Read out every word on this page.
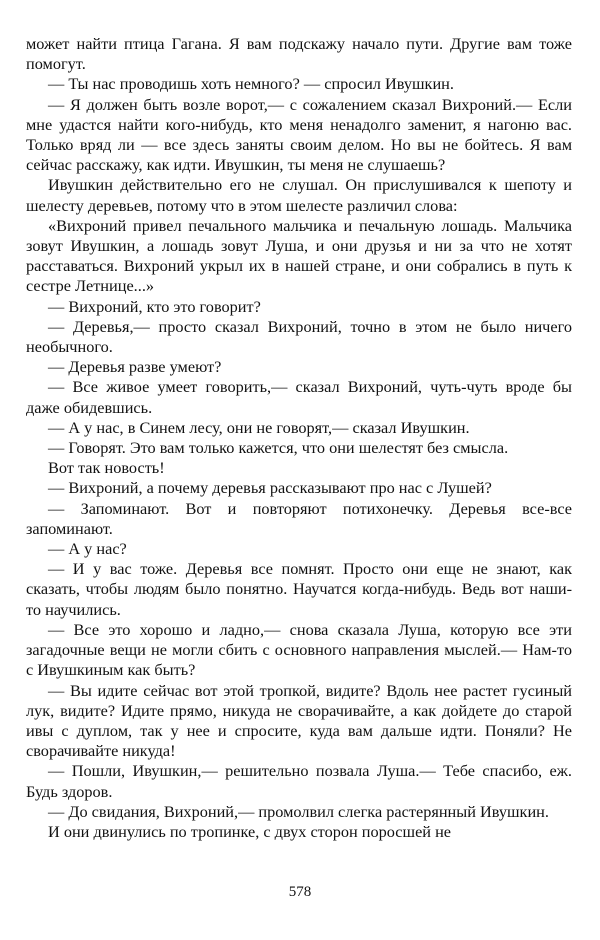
может найти птица Гагана. Я вам подскажу начало пути. Другие вам тоже помогут.

— Ты нас проводишь хоть немного? — спросил Ивушкин.

— Я должен быть возле ворот,— с сожалением сказал Вихроний.— Если мне удастся найти кого-нибудь, кто меня ненадолго заменит, я нагоню вас. Только вряд ли — все здесь заняты своим делом. Но вы не бойтесь. Я вам сейчас расскажу, как идти. Ивушкин, ты меня не слушаешь?

Ивушкин действительно его не слушал. Он прислушивался к шепоту и шелесту деревьев, потому что в этом шелесте различил слова:

«Вихроний привел печального мальчика и печальную лошадь. Мальчика зовут Ивушкин, а лошадь зовут Луша, и они друзья и ни за что не хотят расставаться. Вихроний укрыл их в нашей стране, и они собрались в путь к сестре Летнице...»

— Вихроний, кто это говорит?

— Деревья,— просто сказал Вихроний, точно в этом не было ничего необычного.

— Деревья разве умеют?

— Все живое умеет говорить,— сказал Вихроний, чуть-чуть вроде бы даже обидевшись.

— А у нас, в Синем лесу, они не говорят,— сказал Ивушкин.

— Говорят. Это вам только кажется, что они шелестят без смысла.

Вот так новость!

— Вихроний, а почему деревья рассказывают про нас с Лушей?

— Запоминают. Вот и повторяют потихонечку. Деревья все-все запоминают.

— А у нас?

— И у вас тоже. Деревья все помнят. Просто они еще не знают, как сказать, чтобы людям было понятно. Научатся когда-нибудь. Ведь вот наши-то научились.

— Все это хорошо и ладно,— снова сказала Луша, которую все эти загадочные вещи не могли сбить с основного направления мыслей.— Нам-то с Ивушкиным как быть?

— Вы идите сейчас вот этой тропкой, видите? Вдоль нее растет гусиный лук, видите? Идите прямо, никуда не сворачивайте, а как дойдете до старой ивы с дуплом, так у нее и спросите, куда вам дальше идти. Поняли? Не сворачивайте никуда!

— Пошли, Ивушкин,— решительно позвала Луша.— Тебе спасибо, еж. Будь здоров.

— До свидания, Вихроний,— промолвил слегка растерянный Ивушкин.

И они двинулись по тропинке, с двух сторон поросшей не

578
